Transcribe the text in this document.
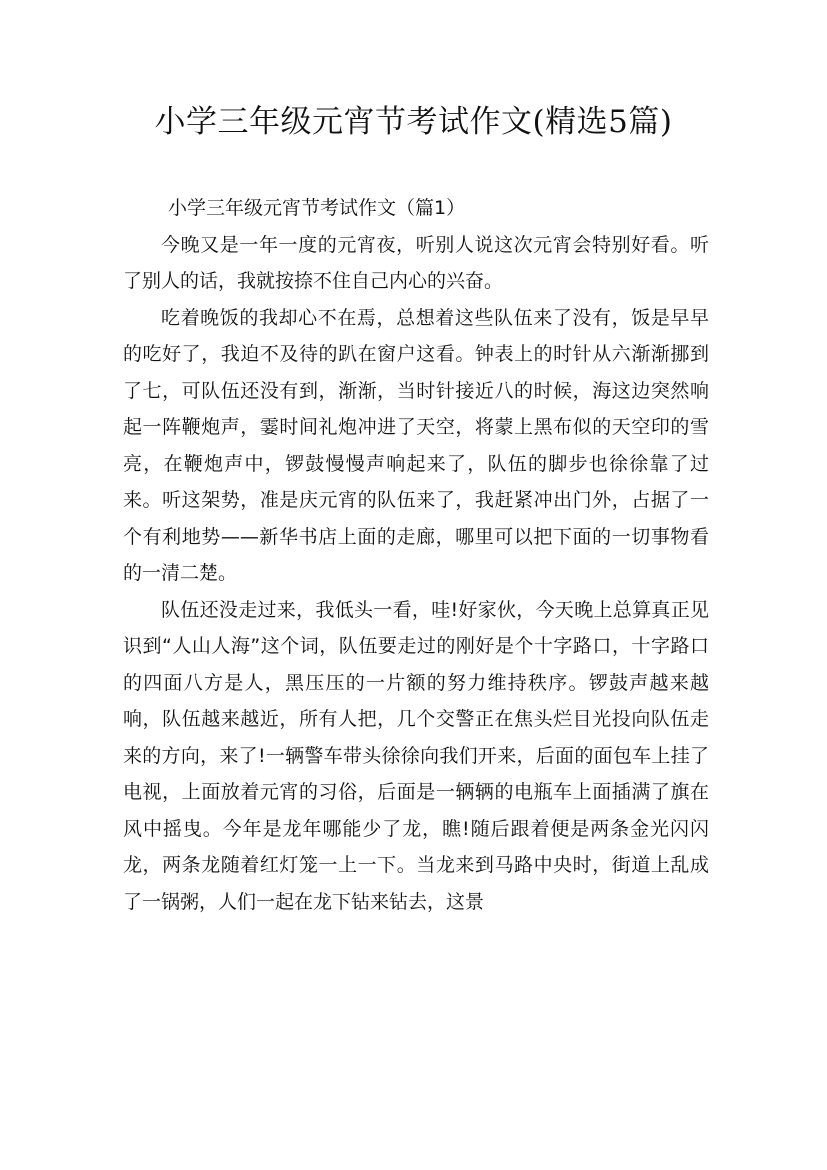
小学三年级元宵节考试作文(精选5篇)

小学三年级元宵节考试作文（篇1）

今晚又是一年一度的元宵夜，听别人说这次元宵会特别好看。听了别人的话，我就按捺不住自己内心的兴奋。

吃着晚饭的我却心不在焉，总想着这些队伍来了没有，饭是早早的吃好了，我迫不及待的趴在窗户这看。钟表上的时针从六渐渐挪到了七，可队伍还没有到，渐渐，当时针接近八的时候，海这边突然响起一阵鞭炮声，霎时间礼炮冲进了天空，将蒙上黑布似的天空印的雪亮，在鞭炮声中，锣鼓慢慢声响起来了，队伍的脚步也徐徐靠了过来。听这架势，准是庆元宵的队伍来了，我赶紧冲出门外，占据了一个有利地势——新华书店上面的走廊，哪里可以把下面的一切事物看的一清二楚。

队伍还没走过来，我低头一看，哇!好家伙，今天晚上总算真正见识到“人山人海”这个词，队伍要走过的刚好是个十字路口，十字路口的四面八方是人，黑压压的一片额的努力维持秩序。锣鼓声越来越响，队伍越来越近，所有人把，几个交警正在焦头烂目光投向队伍走来的方向，来了!一辆警车带头徐徐向我们开来，后面的面包车上挂了电视，上面放着元宵的习俗，后面是一辆辆的电瓶车上面插满了旗在风中摇曳。今年是龙年哪能少了龙，瞧!随后跟着便是两条金光闪闪龙，两条龙随着红灯笼一上一下。当龙来到马路中央时，街道上乱成了一锅粥，人们一起在龙下钻来钻去，这景
